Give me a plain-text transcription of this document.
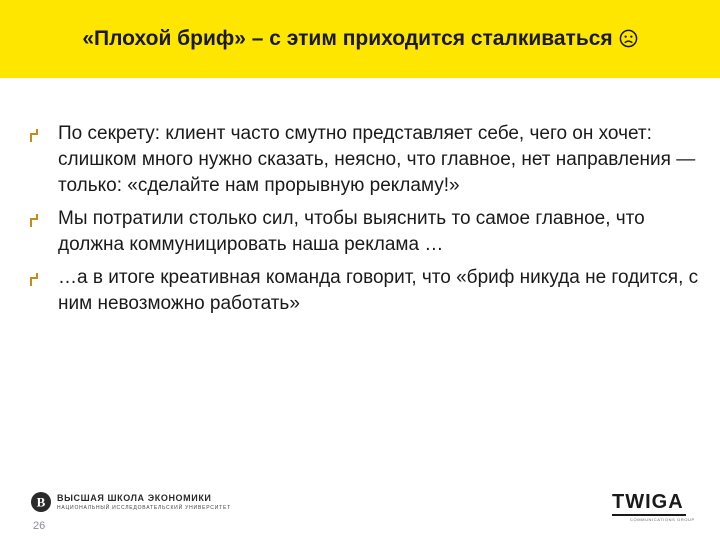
«Плохой бриф» – с этим приходится сталкиваться
По секрету: клиент часто смутно представляет себе, чего он хочет: слишком много нужно сказать, неясно, что главное, нет направления — только: «сделайте нам прорывную рекламу!»
Мы потратили столько сил, чтобы выяснить то самое главное, что должна коммуницировать наша реклама …
…а в итоге креативная команда говорит, что «бриф никуда не годится, с ним невозможно работать»
B ВЫСШАЯ ШКОЛА ЭКОНОМИКИ
НАЦИОНАЛЬНЫЙ ИССЛЕДОВАТЕЛЬСКИЙ УНИВЕРСИТЕТ
26
TWIGA
COMMUNICATIONS GROUP
